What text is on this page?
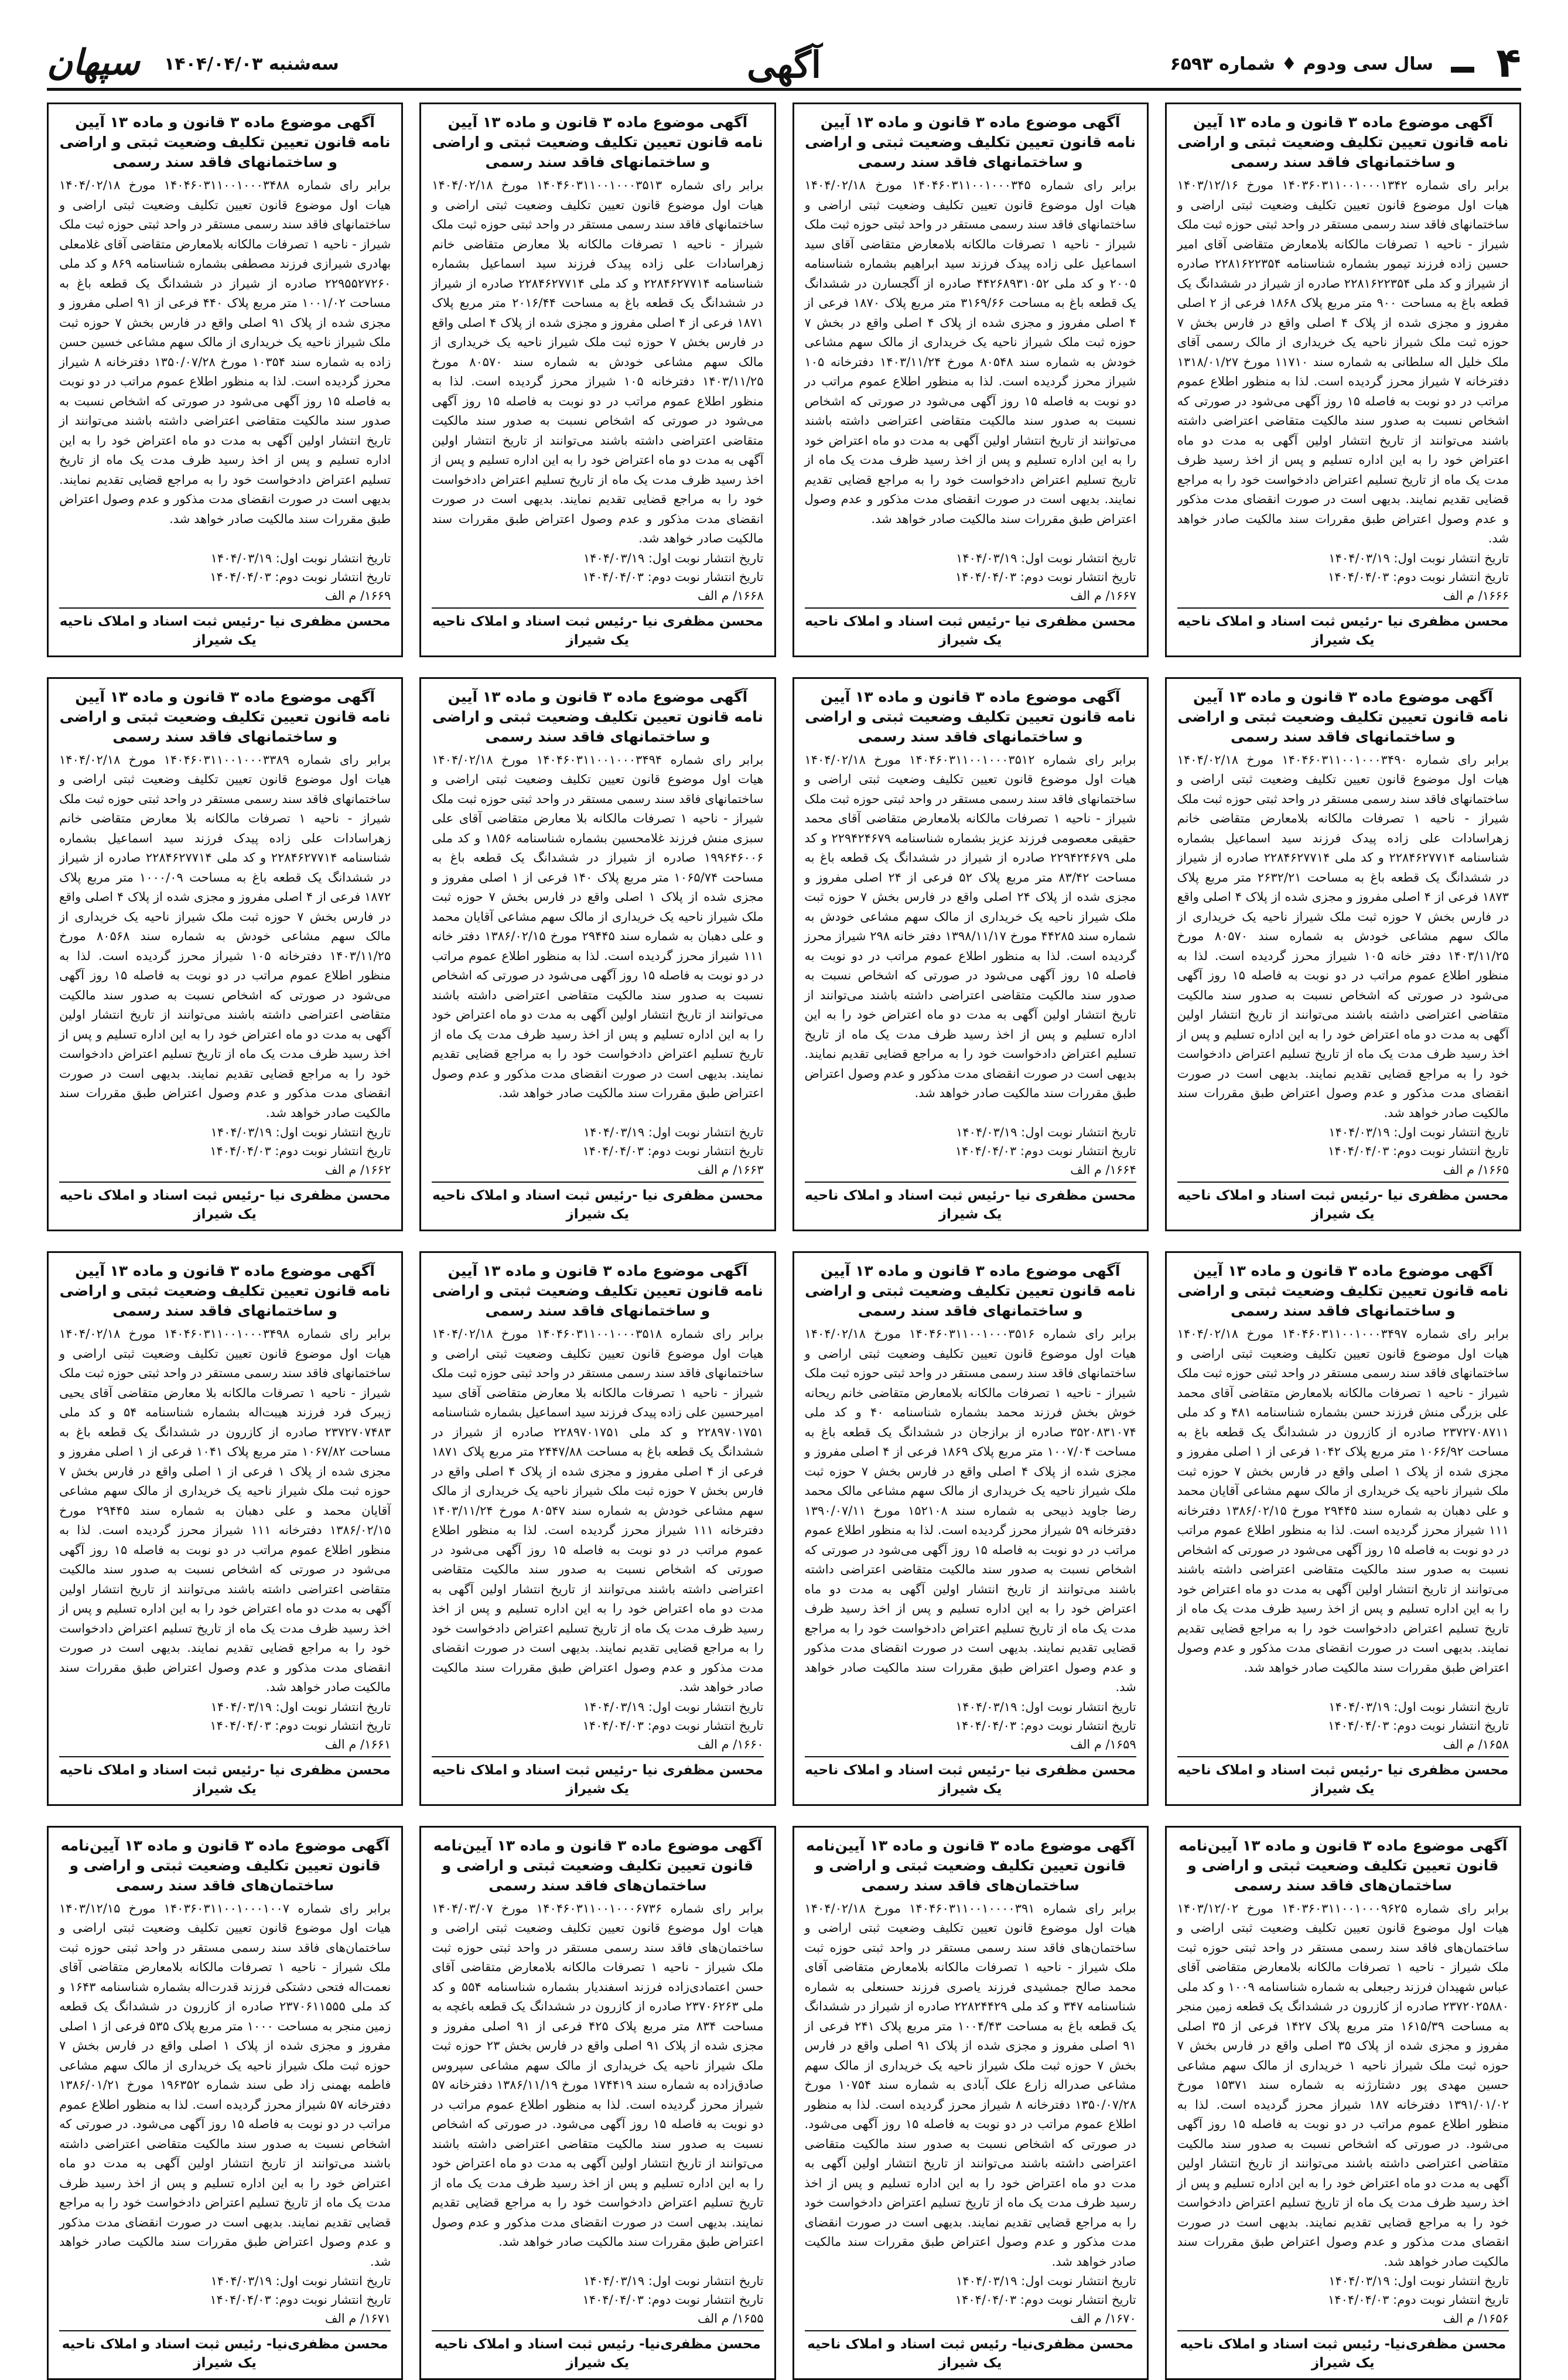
۴
سال سی ودوم ♦ شماره ۶۵۹۳
آگهی
سه‌شنبه ۱۴۰۴/۰۴/۰۳
سپهان
آگهی موضوع ماده ۳ قانون و ماده ۱۳ آیین نامه قانون تعیین تکلیف وضعیت ثبتی و اراضی و ساختمانهای فاقد سند رسمی
برابر رای شماره ۱۴۰۳۶۰۳۱۱۰۰۱۰۰۰۱۳۴۲ مورخ ۱۴۰۳/۱۲/۱۶ هیات اول موضوع قانون تعیین تکلیف وضعیت ثبتی اراضی و ساختمانهای فاقد سند رسمی مستقر در واحد ثبتی حوزه ثبت ملک شیراز - ناحیه ۱ تصرفات مالکانه بلامعارض متقاضی آقای امیر حسین زاده فرزند تیمور بشماره شناسنامه ۲۲۸۱۶۲۲۳۵۴ صادره از شیراز و کد ملی ۲۲۸۱۶۲۲۳۵۴ صادره از شیراز در ششدانگ یک قطعه باغ به مساحت ۹۰۰ متر مربع پلاک ۱۸۶۸ فرعی از ۲ اصلی مفروز و مجزی شده از پلاک ۴ اصلی واقع در فارس بخش ۷ حوزه ثبت ملک شیراز ناحیه یک خریداری از مالک رسمی آقای ملک خلیل اله سلطانی به شماره سند ۱۱۷۱۰ مورخ ۱۳۱۸/۰۱/۲۷ دفترخانه ۷ شیراز محرز گردیده است. لذا به منظور اطلاع عموم مراتب در دو نوبت به فاصله ۱۵ روز آگهی می‌شود در صورتی که اشخاص نسبت به صدور سند مالکیت متقاضی اعتراضی داشته باشند می‌توانند از تاریخ انتشار اولین آگهی به مدت دو ماه اعتراض خود را به این اداره تسلیم و پس از اخذ رسید ظرف مدت یک ماه از تاریخ تسلیم اعتراض دادخواست خود را به مراجع قضایی تقدیم نمایند. بدیهی است در صورت انقضای مدت مذکور و عدم وصول اعتراض طبق مقررات سند مالکیت صادر خواهد شد.
تاریخ انتشار نوبت اول: ۱۴۰۴/۰۳/۱۹
تاریخ انتشار نوبت دوم: ۱۴۰۴/۰۴/۰۳
۱۶۶۶/ م الف
محسن مظفری نیا -رئیس ثبت اسناد و املاک ناحیه یک شیراز
آگهی موضوع ماده ۳ قانون و ماده ۱۳ آیین نامه قانون تعیین تکلیف وضعیت ثبتی و اراضی و ساختمانهای فاقد سند رسمی
برابر رای شماره ۱۴۰۴۶۰۳۱۱۰۰۱۰۰۰۳۴۵ مورخ ۱۴۰۴/۰۲/۱۸ هیات اول موضوع قانون تعیین تکلیف وضعیت ثبتی اراضی و ساختمانهای فاقد سند رسمی مستقر در واحد ثبتی حوزه ثبت ملک شیراز - ناحیه ۱ تصرفات مالکانه بلامعارض متقاضی آقای سید اسماعیل علی زاده پیدک فرزند سید ابراهیم بشماره شناسنامه ۲۰۰۵ و کد ملی ۴۴۲۶۸۹۳۱۰۵۲ صادره از آگجسارن در ششدانگ یک قطعه باغ به مساحت ۳۱۶۹/۶۶ متر مربع پلاک ۱۸۷۰ فرعی از ۴ اصلی مفروز و مجزی شده از پلاک ۴ اصلی واقع در بخش ۷ حوزه ثبت ملک شیراز ناحیه یک خریداری از مالک سهم مشاعی خودش به شماره سند ۸۰۵۴۸ مورخ ۱۴۰۳/۱۱/۲۴ دفترخانه ۱۰۵ شیراز محرز گردیده است. لذا به منظور اطلاع عموم مراتب در دو نوبت به فاصله ۱۵ روز آگهی می‌شود در صورتی که اشخاص نسبت به صدور سند مالکیت متقاضی اعتراضی داشته باشند می‌توانند از تاریخ انتشار اولین آگهی به مدت دو ماه اعتراض خود را به این اداره تسلیم و پس از اخذ رسید ظرف مدت یک ماه از تاریخ تسلیم اعتراض دادخواست خود را به مراجع قضایی تقدیم نمایند. بدیهی است در صورت انقضای مدت مذکور و عدم وصول اعتراض طبق مقررات سند مالکیت صادر خواهد شد.
تاریخ انتشار نوبت اول: ۱۴۰۴/۰۳/۱۹
تاریخ انتشار نوبت دوم: ۱۴۰۴/۰۴/۰۳
۱۶۶۷/ م الف
محسن مظفری نیا -رئیس ثبت اسناد و املاک ناحیه یک شیراز
آگهی موضوع ماده ۳ قانون و ماده ۱۳ آیین نامه قانون تعیین تکلیف وضعیت ثبتی و اراضی و ساختمانهای فاقد سند رسمی
برابر رای شماره ۱۴۰۴۶۰۳۱۱۰۰۱۰۰۰۳۵۱۳ مورخ ۱۴۰۴/۰۲/۱۸ هیات اول موضوع قانون تعیین تکلیف وضعیت ثبتی اراضی و ساختمانهای فاقد سند رسمی مستقر در واحد ثبتی حوزه ثبت ملک شیراز - ناحیه ۱ تصرفات مالکانه بلا معارض متقاضی خانم زهراسادات علی زاده پیدک فرزند سید اسماعیل بشماره شناسنامه ۲۲۸۴۶۲۷۷۱۴ و کد ملی ۲۲۸۴۶۲۷۷۱۴ صادره از شیراز در ششدانگ یک قطعه باغ به مساحت ۲۰۱۶/۴۴ متر مربع پلاک ۱۸۷۱ فرعی از ۴ اصلی مفروز و مجزی شده از پلاک ۴ اصلی واقع در فارس بخش ۷ حوزه ثبت ملک شیراز ناحیه یک خریداری از مالک سهم مشاعی خودش به شماره سند ۸۰۵۷۰ مورخ ۱۴۰۳/۱۱/۲۵ دفترخانه ۱۰۵ شیراز محرز گردیده است. لذا به منظور اطلاع عموم مراتب در دو نوبت به فاصله ۱۵ روز آگهی می‌شود در صورتی که اشخاص نسبت به صدور سند مالکیت متقاضی اعتراضی داشته باشند می‌توانند از تاریخ انتشار اولین آگهی به مدت دو ماه اعتراض خود را به این اداره تسلیم و پس از اخذ رسید ظرف مدت یک ماه از تاریخ تسلیم اعتراض دادخواست خود را به مراجع قضایی تقدیم نمایند. بدیهی است در صورت انقضای مدت مذکور و عدم وصول اعتراض طبق مقررات سند مالکیت صادر خواهد شد.
تاریخ انتشار نوبت اول: ۱۴۰۴/۰۳/۱۹
تاریخ انتشار نوبت دوم: ۱۴۰۴/۰۴/۰۳
۱۶۶۸/ م الف
محسن مظفری نیا -رئیس ثبت اسناد و املاک ناحیه یک شیراز
آگهی موضوع ماده ۳ قانون و ماده ۱۳ آیین نامه قانون تعیین تکلیف وضعیت ثبتی و اراضی و ساختمانهای فاقد سند رسمی
برابر رای شماره ۱۴۰۴۶۰۳۱۱۰۰۱۰۰۰۳۴۸۸ مورخ ۱۴۰۴/۰۲/۱۸ هیات اول موضوع قانون تعیین تکلیف وضعیت ثبتی اراضی و ساختمانهای فاقد سند رسمی مستقر در واحد ثبتی حوزه ثبت ملک شیراز - ناحیه ۱ تصرفات مالکانه بلامعارض متقاضی آقای غلامعلی بهادری شیرازی فرزند مصطفی بشماره شناسنامه ۸۶۹ و کد ملی ۲۲۹۵۵۲۷۲۶۰ صادره از شیراز در ششدانگ یک قطعه باغ به مساحت ۱۰۰۱/۰۲ متر مربع پلاک ۴۴۰ فرعی از ۹۱ اصلی مفروز و مجزی شده از پلاک ۹۱ اصلی واقع در فارس بخش ۷ حوزه ثبت ملک شیراز ناحیه یک خریداری از مالک سهم مشاعی خسین حسن زاده به شماره سند ۱۰۳۵۴ مورخ ۱۳۵۰/۰۷/۲۸ دفترخانه ۸ شیراز محرز گردیده است. لذا به منظور اطلاع عموم مراتب در دو نوبت به فاصله ۱۵ روز آگهی می‌شود در صورتی که اشخاص نسبت به صدور سند مالکیت متقاضی اعتراضی داشته باشند می‌توانند از تاریخ انتشار اولین آگهی به مدت دو ماه اعتراض خود را به این اداره تسلیم و پس از اخذ رسید ظرف مدت یک ماه از تاریخ تسلیم اعتراض دادخواست خود را به مراجع قضایی تقدیم نمایند. بدیهی است در صورت انقضای مدت مذکور و عدم وصول اعتراض طبق مقررات سند مالکیت صادر خواهد شد.
تاریخ انتشار نوبت اول: ۱۴۰۴/۰۳/۱۹
تاریخ انتشار نوبت دوم: ۱۴۰۴/۰۴/۰۳
۱۶۶۹/ م الف
محسن مظفری نیا -رئیس ثبت اسناد و املاک ناحیه یک شیراز
آگهی موضوع ماده ۳ قانون و ماده ۱۳ آیین نامه قانون تعیین تکلیف وضعیت ثبتی و اراضی و ساختمانهای فاقد سند رسمی
برابر رای شماره ۱۴۰۴۶۰۳۱۱۰۰۱۰۰۰۳۴۹۰ مورخ ۱۴۰۴/۰۲/۱۸ هیات اول موضوع قانون تعیین تکلیف وضعیت ثبتی اراضی و ساختمانهای فاقد سند رسمی مستقر در واحد ثبتی حوزه ثبت ملک شیراز - ناحیه ۱ تصرفات مالکانه بلامعارض متقاضی خانم زهراسادات علی زاده پیدک فرزند سید اسماعیل بشماره شناسنامه ۲۲۸۴۶۲۷۷۱۴ و کد ملی ۲۲۸۴۶۲۷۷۱۴ صادره از شیراز در ششدانگ یک قطعه باغ به مساحت ۲۶۳۲/۲۱ متر مربع پلاک ۱۸۷۳ فرعی از ۴ اصلی مفروز و مجزی شده از پلاک ۴ اصلی واقع در فارس بخش ۷ حوزه ثبت ملک شیراز ناحیه یک خریداری از مالک سهم مشاعی خودش به شماره سند ۸۰۵۷۰ مورخ ۱۴۰۳/۱۱/۲۵ دفتر خانه ۱۰۵ شیراز محرز گردیده است. لذا به منظور اطلاع عموم مراتب در دو نوبت به فاصله ۱۵ روز آگهی می‌شود در صورتی که اشخاص نسبت به صدور سند مالکیت متقاضی اعتراضی داشته باشند می‌توانند از تاریخ انتشار اولین آگهی به مدت دو ماه اعتراض خود را به این اداره تسلیم و پس از اخذ رسید ظرف مدت یک ماه از تاریخ تسلیم اعتراض دادخواست خود را به مراجع قضایی تقدیم نمایند. بدیهی است در صورت انقضای مدت مذکور و عدم وصول اعتراض طبق مقررات سند مالکیت صادر خواهد شد.
تاریخ انتشار نوبت اول: ۱۴۰۴/۰۳/۱۹
تاریخ انتشار نوبت دوم: ۱۴۰۴/۰۴/۰۳
۱۶۶۵/ م الف
محسن مظفری نیا -رئیس ثبت اسناد و املاک ناحیه یک شیراز
آگهی موضوع ماده ۳ قانون و ماده ۱۳ آیین نامه قانون تعیین تکلیف وضعیت ثبتی و اراضی و ساختمانهای فاقد سند رسمی
برابر رای شماره ۱۴۰۴۶۰۳۱۱۰۰۱۰۰۰۳۵۱۲ مورخ ۱۴۰۴/۰۲/۱۸ هیات اول موضوع قانون تعیین تکلیف وضعیت ثبتی اراضی و ساختمانهای فاقد سند رسمی مستقر در واحد ثبتی حوزه ثبت ملک شیراز - ناحیه ۱ تصرفات مالکانه بلامعارض متقاضی آقای محمد حقیقی معصومی فرزند عزیز بشماره شناسنامه ۲۲۹۴۲۴۶۷۹ و کد ملی ۲۲۹۴۲۴۶۷۹ صادره از شیراز در ششدانگ یک قطعه باغ به مساحت ۸۳/۴۲ متر مربع پلاک ۵۲ فرعی از ۲۴ اصلی مفروز و مجزی شده از پلاک ۲۴ اصلی واقع در فارس بخش ۷ حوزه ثبت ملک شیراز ناحیه یک خریداری از مالک سهم مشاعی خودش به شماره سند ۴۴۲۸۵ مورخ ۱۳۹۸/۱۱/۱۷ دفتر خانه ۲۹۸ شیراز محرز گردیده است. لذا به منظور اطلاع عموم مراتب در دو نوبت به فاصله ۱۵ روز آگهی می‌شود در صورتی که اشخاص نسبت به صدور سند مالکیت متقاضی اعتراضی داشته باشند می‌توانند از تاریخ انتشار اولین آگهی به مدت دو ماه اعتراض خود را به این اداره تسلیم و پس از اخذ رسید ظرف مدت یک ماه از تاریخ تسلیم اعتراض دادخواست خود را به مراجع قضایی تقدیم نمایند. بدیهی است در صورت انقضای مدت مذکور و عدم وصول اعتراض طبق مقررات سند مالکیت صادر خواهد شد.
تاریخ انتشار نوبت اول: ۱۴۰۴/۰۳/۱۹
تاریخ انتشار نوبت دوم: ۱۴۰۴/۰۴/۰۳
۱۶۶۴/ م الف
محسن مظفری نیا -رئیس ثبت اسناد و املاک ناحیه یک شیراز
آگهی موضوع ماده ۳ قانون و ماده ۱۳ آیین نامه قانون تعیین تکلیف وضعیت ثبتی و اراضی و ساختمانهای فاقد سند رسمی
برابر رای شماره ۱۴۰۴۶۰۳۱۱۰۰۱۰۰۰۳۴۹۴ مورخ ۱۴۰۴/۰۲/۱۸ هیات اول موضوع قانون تعیین تکلیف وضعیت ثبتی اراضی و ساختمانهای فاقد سند رسمی مستقر در واحد ثبتی حوزه ثبت ملک شیراز - ناحیه ۱ تصرفات مالکانه بلا معارض متقاضی آقای علی سبزی منش فرزند غلامحسین بشماره شناسنامه ۱۸۵۶ و کد ملی ۱۹۹۶۴۶۰۰۶ صادره از شیراز در ششدانگ یک قطعه باغ به مساحت ۱۰۶۵/۷۴ متر مربع پلاک ۱۴۰ فرعی از ۱ اصلی مفروز و مجزی شده از پلاک ۱ اصلی واقع در فارس بخش ۷ حوزه ثبت ملک شیراز ناحیه یک خریداری از مالک سهم مشاعی آقایان محمد و علی دهبان به شماره سند ۲۹۴۴۵ مورخ ۱۳۸۶/۰۲/۱۵ دفتر خانه ۱۱۱ شیراز محرز گردیده است. لذا به منظور اطلاع عموم مراتب در دو نوبت به فاصله ۱۵ روز آگهی می‌شود در صورتی که اشخاص نسبت به صدور سند مالکیت متقاضی اعتراضی داشته باشند می‌توانند از تاریخ انتشار اولین آگهی به مدت دو ماه اعتراض خود را به این اداره تسلیم و پس از اخذ رسید ظرف مدت یک ماه از تاریخ تسلیم اعتراض دادخواست خود را به مراجع قضایی تقدیم نمایند. بدیهی است در صورت انقضای مدت مذکور و عدم وصول اعتراض طبق مقررات سند مالکیت صادر خواهد شد.
تاریخ انتشار نوبت اول: ۱۴۰۴/۰۳/۱۹
تاریخ انتشار نوبت دوم: ۱۴۰۴/۰۴/۰۳
۱۶۶۳/ م الف
محسن مظفری نیا -رئیس ثبت اسناد و املاک ناحیه یک شیراز
آگهی موضوع ماده ۳ قانون و ماده ۱۳ آیین نامه قانون تعیین تکلیف وضعیت ثبتی و اراضی و ساختمانهای فاقد سند رسمی
برابر رای شماره ۱۴۰۴۶۰۳۱۱۰۰۱۰۰۰۳۳۸۹ مورخ ۱۴۰۴/۰۲/۱۸ هیات اول موضوع قانون تعیین تکلیف وضعیت ثبتی اراضی و ساختمانهای فاقد سند رسمی مستقر در واحد ثبتی حوزه ثبت ملک شیراز - ناحیه ۱ تصرفات مالکانه بلا معارض متقاضی خانم زهراسادات علی زاده پیدک فرزند سید اسماعیل بشماره شناسنامه ۲۲۸۴۶۲۷۷۱۴ و کد ملی ۲۲۸۴۶۲۷۷۱۴ صادره از شیراز در ششدانگ یک قطعه باغ به مساحت ۱۰۰۰/۰۹ متر مربع پلاک ۱۸۷۲ فرعی از ۴ اصلی مفروز و مجزی شده از پلاک ۴ اصلی واقع در فارس بخش ۷ حوزه ثبت ملک شیراز ناحیه یک خریداری از مالک سهم مشاعی خودش به شماره سند ۸۰۵۶۸ مورخ ۱۴۰۳/۱۱/۲۵ دفترخانه ۱۰۵ شیراز محرز گردیده است. لذا به منظور اطلاع عموم مراتب در دو نوبت به فاصله ۱۵ روز آگهی می‌شود در صورتی که اشخاص نسبت به صدور سند مالکیت متقاضی اعتراضی داشته باشند می‌توانند از تاریخ انتشار اولین آگهی به مدت دو ماه اعتراض خود را به این اداره تسلیم و پس از اخذ رسید ظرف مدت یک ماه از تاریخ تسلیم اعتراض دادخواست خود را به مراجع قضایی تقدیم نمایند. بدیهی است در صورت انقضای مدت مذکور و عدم وصول اعتراض طبق مقررات سند مالکیت صادر خواهد شد.
تاریخ انتشار نوبت اول: ۱۴۰۴/۰۳/۱۹
تاریخ انتشار نوبت دوم: ۱۴۰۴/۰۴/۰۳
۱۶۶۲/ م الف
محسن مظفری نیا -رئیس ثبت اسناد و املاک ناحیه یک شیراز
آگهی موضوع ماده ۳ قانون و ماده ۱۳ آیین نامه قانون تعیین تکلیف وضعیت ثبتی و اراضی و ساختمانهای فاقد سند رسمی
برابر رای شماره ۱۴۰۴۶۰۳۱۱۰۰۱۰۰۰۳۴۹۷ مورخ ۱۴۰۴/۰۲/۱۸ هیات اول موضوع قانون تعیین تکلیف وضعیت ثبتی اراضی و ساختمانهای فاقد سند رسمی مستقر در واحد ثبتی حوزه ثبت ملک شیراز - ناحیه ۱ تصرفات مالکانه بلامعارض متقاضی آقای محمد علی بزرگی منش فرزند حسن بشماره شناسنامه ۴۸۱ و کد ملی ۲۳۷۲۷۰۸۷۱۱ صادره از کازرون در ششدانگ یک قطعه باغ به مساحت ۱۰۶۶/۹۲ متر مربع پلاک ۱۰۴۲ فرعی از ۱ اصلی مفروز و مجزی شده از پلاک ۱ اصلی واقع در فارس بخش ۷ حوزه ثبت ملک شیراز ناحیه یک خریداری از مالک سهم مشاعی آقایان محمد و علی دهبان به شماره سند ۲۹۴۴۵ مورخ ۱۳۸۶/۰۲/۱۵ دفترخانه ۱۱۱ شیراز محرز گردیده است. لذا به منظور اطلاع عموم مراتب در دو نوبت به فاصله ۱۵ روز آگهی می‌شود در صورتی که اشخاص نسبت به صدور سند مالکیت متقاضی اعتراضی داشته باشند می‌توانند از تاریخ انتشار اولین آگهی به مدت دو ماه اعتراض خود را به این اداره تسلیم و پس از اخذ رسید ظرف مدت یک ماه از تاریخ تسلیم اعتراض دادخواست خود را به مراجع قضایی تقدیم نمایند. بدیهی است در صورت انقضای مدت مذکور و عدم وصول اعتراض طبق مقررات سند مالکیت صادر خواهد شد.
تاریخ انتشار نوبت اول: ۱۴۰۴/۰۳/۱۹
تاریخ انتشار نوبت دوم: ۱۴۰۴/۰۴/۰۳
۱۶۵۸/ م الف
محسن مظفری نیا -رئیس ثبت اسناد و املاک ناحیه یک شیراز
آگهی موضوع ماده ۳ قانون و ماده ۱۳ آیین نامه قانون تعیین تکلیف وضعیت ثبتی و اراضی و ساختمانهای فاقد سند رسمی
برابر رای شماره ۱۴۰۴۶۰۳۱۱۰۰۱۰۰۰۳۵۱۶ مورخ ۱۴۰۴/۰۲/۱۸ هیات اول موضوع قانون تعیین تکلیف وضعیت ثبتی اراضی و ساختمانهای فاقد سند رسمی مستقر در واحد ثبتی حوزه ثبت ملک شیراز - ناحیه ۱ تصرفات مالکانه بلامعارض متقاضی خانم ریحانه خوش بخش فرزند محمد بشماره شناسنامه ۴۰ و کد ملی ۳۵۲۰۸۳۱۰۷۴ صادره از برازجان در ششدانگ یک قطعه باغ به مساحت ۱۰۰۷/۰۴ متر مربع پلاک ۱۸۶۹ فرعی از ۴ اصلی مفروز و مجزی شده از پلاک ۴ اصلی واقع در فارس بخش ۷ حوزه ثبت ملک شیراز ناحیه یک خریداری از مالک سهم مشاعی مالک محمد رضا جاوید ذبیحی به شماره سند ۱۵۲۱۰۸ مورخ ۱۳۹۰/۰۷/۱۱ دفترخانه ۵۹ شیراز محرز گردیده است. لذا به منظور اطلاع عموم مراتب در دو نوبت به فاصله ۱۵ روز آگهی می‌شود در صورتی که اشخاص نسبت به صدور سند مالکیت متقاضی اعتراضی داشته باشند می‌توانند از تاریخ انتشار اولین آگهی به مدت دو ماه اعتراض خود را به این اداره تسلیم و پس از اخذ رسید ظرف مدت یک ماه از تاریخ تسلیم اعتراض دادخواست خود را به مراجع قضایی تقدیم نمایند. بدیهی است در صورت انقضای مدت مذکور و عدم وصول اعتراض طبق مقررات سند مالکیت صادر خواهد شد.
تاریخ انتشار نوبت اول: ۱۴۰۴/۰۳/۱۹
تاریخ انتشار نوبت دوم: ۱۴۰۴/۰۴/۰۳
۱۶۵۹/ م الف
محسن مظفری نیا -رئیس ثبت اسناد و املاک ناحیه یک شیراز
آگهی موضوع ماده ۳ قانون و ماده ۱۳ آیین نامه قانون تعیین تکلیف وضعیت ثبتی و اراضی و ساختمانهای فاقد سند رسمی
برابر رای شماره ۱۴۰۴۶۰۳۱۱۰۰۱۰۰۰۳۵۱۸ مورخ ۱۴۰۴/۰۲/۱۸ هیات اول موضوع قانون تعیین تکلیف وضعیت ثبتی اراضی و ساختمانهای فاقد سند رسمی مستقر در واحد ثبتی حوزه ثبت ملک شیراز - ناحیه ۱ تصرفات مالکانه بلا معارض متقاضی آقای سید امیرحسین علی زاده پیدک فرزند سید اسماعیل بشماره شناسنامه ۲۲۸۹۷۰۱۷۵۱ و کد ملی ۲۲۸۹۷۰۱۷۵۱ صادره از شیراز در ششدانگ یک قطعه باغ به مساحت ۲۴۴۷/۸۸ متر مربع پلاک ۱۸۷۱ فرعی از ۴ اصلی مفروز و مجزی شده از پلاک ۴ اصلی واقع در فارس بخش ۷ حوزه ثبت ملک شیراز ناحیه یک خریداری از مالک سهم مشاعی خودش به شماره سند ۸۰۵۴۷ مورخ ۱۴۰۳/۱۱/۲۴ دفترخانه ۱۱۱ شیراز محرز گردیده است. لذا به منظور اطلاع عموم مراتب در دو نوبت به فاصله ۱۵ روز آگهی می‌شود در صورتی که اشخاص نسبت به صدور سند مالکیت متقاضی اعتراضی داشته باشند می‌توانند از تاریخ انتشار اولین آگهی به مدت دو ماه اعتراض خود را به این اداره تسلیم و پس از اخذ رسید ظرف مدت یک ماه از تاریخ تسلیم اعتراض دادخواست خود را به مراجع قضایی تقدیم نمایند. بدیهی است در صورت انقضای مدت مذکور و عدم وصول اعتراض طبق مقررات سند مالکیت صادر خواهد شد.
تاریخ انتشار نوبت اول: ۱۴۰۴/۰۳/۱۹
تاریخ انتشار نوبت دوم: ۱۴۰۴/۰۴/۰۳
۱۶۶۰/ م الف
محسن مظفری نیا -رئیس ثبت اسناد و املاک ناحیه یک شیراز
آگهی موضوع ماده ۳ قانون و ماده ۱۳ آیین نامه قانون تعیین تکلیف وضعیت ثبتی و اراضی و ساختمانهای فاقد سند رسمی
برابر رای شماره ۱۴۰۴۶۰۳۱۱۰۰۱۰۰۰۳۴۹۸ مورخ ۱۴۰۴/۰۲/۱۸ هیات اول موضوع قانون تعیین تکلیف وضعیت ثبتی اراضی و ساختمانهای فاقد سند رسمی مستقر در واحد ثبتی حوزه ثبت ملک شیراز - ناحیه ۱ تصرفات مالکانه بلا معارض متقاضی آقای یحیی زیبرک فرد فرزند هیبت‌اله بشماره شناسنامه ۵۴ و کد ملی ۲۳۷۲۷۰۷۴۸۳ صادره از کازرون در ششدانگ یک قطعه باغ به مساحت ۱۰۶۷/۸۲ متر مربع پلاک ۱۰۴۱ فرعی از ۱ اصلی مفروز و مجزی شده از پلاک ۱ فرعی از ۱ اصلی واقع در فارس بخش ۷ حوزه ثبت ملک شیراز ناحیه یک خریداری از مالک سهم مشاعی آقایان محمد و علی دهبان به شماره سند ۲۹۴۴۵ مورخ ۱۳۸۶/۰۲/۱۵ دفترخانه ۱۱۱ شیراز محرز گردیده است. لذا به منظور اطلاع عموم مراتب در دو نوبت به فاصله ۱۵ روز آگهی می‌شود در صورتی که اشخاص نسبت به صدور سند مالکیت متقاضی اعتراضی داشته باشند می‌توانند از تاریخ انتشار اولین آگهی به مدت دو ماه اعتراض خود را به این اداره تسلیم و پس از اخذ رسید ظرف مدت یک ماه از تاریخ تسلیم اعتراض دادخواست خود را به مراجع قضایی تقدیم نمایند. بدیهی است در صورت انقضای مدت مذکور و عدم وصول اعتراض طبق مقررات سند مالکیت صادر خواهد شد.
تاریخ انتشار نوبت اول: ۱۴۰۴/۰۳/۱۹
تاریخ انتشار نوبت دوم: ۱۴۰۴/۰۴/۰۳
۱۶۶۱/ م الف
محسن مظفری نیا -رئیس ثبت اسناد و املاک ناحیه یک شیراز
آگهی موضوع ماده ۳ قانون و ماده ۱۳ آیین‌نامه قانون تعیین تکلیف وضعیت ثبتی و اراضی و ساختمان‌های فاقد سند رسمی
برابر رای شماره ۱۴۰۳۶۰۳۱۱۰۰۱۰۰۰۹۶۲۵ مورخ ۱۴۰۳/۱۲/۰۲ هیات اول موضوع قانون تعیین تکلیف وضعیت ثبتی اراضی و ساختمان‌های فاقد سند رسمی مستقر در واحد ثبتی حوزه ثبت ملک شیراز - ناحیه ۱ تصرفات مالکانه بلامعارض متقاضی آقای عباس شهیدان فرزند رجبعلی به شماره شناسنامه ۱۰۰۹ و کد ملی ۲۳۷۲۰۲۵۸۸۰ صادره از کازرون در ششدانگ یک قطعه زمین منجر به مساحت ۱۶۱۵/۳۹ متر مربع پلاک ۱۴۲۷ فرعی از ۳۵ اصلی مفروز و مجزی شده از پلاک ۳۵ اصلی واقع در فارس بخش ۷ حوزه ثبت ملک شیراز ناحیه ۱ خریداری از مالک سهم مشاعی حسین مهدی پور دشتارژنه به شماره سند ۱۵۳۷۱ مورخ ۱۳۹۱/۰۱/۰۲ دفترخانه ۱۸۷ شیراز محرز گردیده است. لذا به منظور اطلاع عموم مراتب در دو نوبت به فاصله ۱۵ روز آگهی می‌شود. در صورتی که اشخاص نسبت به صدور سند مالکیت متقاضی اعتراضی داشته باشند می‌توانند از تاریخ انتشار اولین آگهی به مدت دو ماه اعتراض خود را به این اداره تسلیم و پس از اخذ رسید ظرف مدت یک ماه از تاریخ تسلیم اعتراض دادخواست خود را به مراجع قضایی تقدیم نمایند. بدیهی است در صورت انقضای مدت مذکور و عدم وصول اعتراض طبق مقررات سند مالکیت صادر خواهد شد.
تاریخ انتشار نوبت اول: ۱۴۰۴/۰۳/۱۹
تاریخ انتشار نوبت دوم: ۱۴۰۴/۰۴/۰۳
۱۶۵۶/ م الف
محسن مظفری‌نیا- رئیس ثبت اسناد و املاک ناحیه یک شیراز
آگهی موضوع ماده ۳ قانون و ماده ۱۳ آیین‌نامه قانون تعیین تکلیف وضعیت ثبتی و اراضی و ساختمان‌های فاقد سند رسمی
برابر رای شماره ۱۴۰۴۶۰۳۱۱۰۰۱۰۰۰۰۳۹۱ مورخ ۱۴۰۴/۰۲/۱۸ هیات اول موضوع قانون تعیین تکلیف وضعیت ثبتی اراضی و ساختمان‌های فاقد سند رسمی مستقر در واحد ثبتی حوزه ثبت ملک شیراز - ناحیه ۱ تصرفات مالکانه بلامعارض متقاضی آقای محمد صالح جمشیدی فرزند یاصری فرزند حسنعلی به شماره شناسنامه ۳۴۷ و کد ملی ۲۲۸۲۴۴۲۹ صادره از شیراز در ششدانگ یک قطعه باغ به مساحت ۱۰۰۴/۴۳ متر مربع پلاک ۲۴۱ فرعی از ۹۱ اصلی مفروز و مجزی شده از پلاک ۹۱ اصلی واقع در فارس بخش ۷ حوزه ثبت ملک شیراز ناحیه یک خریداری از مالک سهم مشاعی صدراله زارع علک آبادی به شماره سند ۱۰۷۵۴ مورخ ۱۳۵۰/۰۷/۲۸ دفترخانه ۸ شیراز محرز گردیده است. لذا به منظور اطلاع عموم مراتب در دو نوبت به فاصله ۱۵ روز آگهی می‌شود. در صورتی که اشخاص نسبت به صدور سند مالکیت متقاضی اعتراضی داشته باشند می‌توانند از تاریخ انتشار اولین آگهی به مدت دو ماه اعتراض خود را به این اداره تسلیم و پس از اخذ رسید ظرف مدت یک ماه از تاریخ تسلیم اعتراض دادخواست خود را به مراجع قضایی تقدیم نمایند. بدیهی است در صورت انقضای مدت مذکور و عدم وصول اعتراض طبق مقررات سند مالکیت صادر خواهد شد.
تاریخ انتشار نوبت اول: ۱۴۰۴/۰۳/۱۹
تاریخ انتشار نوبت دوم: ۱۴۰۴/۰۴/۰۳
۱۶۷۰/ م الف
محسن مظفری‌نیا- رئیس ثبت اسناد و املاک ناحیه یک شیراز
آگهی موضوع ماده ۳ قانون و ماده ۱۳ آیین‌نامه قانون تعیین تکلیف وضعیت ثبتی و اراضی و ساختمان‌های فاقد سند رسمی
برابر رای شماره ۱۴۰۴۶۰۳۱۱۰۰۱۰۰۰۶۷۳۶ مورخ ۱۴۰۴/۰۳/۰۷ هیات اول موضوع قانون تعیین تکلیف وضعیت ثبتی اراضی و ساختمان‌های فاقد سند رسمی مستقر در واحد ثبتی حوزه ثبت ملک شیراز - ناحیه ۱ تصرفات مالکانه بلامعارض متقاضی آقای حسن اعتمادی‌زاده فرزند اسفندیار بشماره شناسنامه ۵۵۴ و کد ملی ۲۳۷۰۶۲۶۳ صادره از کازرون در ششدانگ یک قطعه باغچه به مساحت ۸۳۴ متر مربع پلاک ۴۲۵ فرعی از ۹۱ اصلی مفروز و مجزی شده از پلاک ۹۱ اصلی واقع در فارس بخش ۲۳ حوزه ثبت ملک شیراز ناحیه یک خریداری از مالک سهم مشاعی سپروس صادق‌زاده به شماره سند ۱۷۴۴۱۹ مورخ ۱۳۸۶/۱۱/۱۹ دفترخانه ۵۷ شیراز محرز گردیده است. لذا به منظور اطلاع عموم مراتب در دو نوبت به فاصله ۱۵ روز آگهی می‌شود. در صورتی که اشخاص نسبت به صدور سند مالکیت متقاضی اعتراضی داشته باشند می‌توانند از تاریخ انتشار اولین آگهی به مدت دو ماه اعتراض خود را به این اداره تسلیم و پس از اخذ رسید ظرف مدت یک ماه از تاریخ تسلیم اعتراض دادخواست خود را به مراجع قضایی تقدیم نمایند. بدیهی است در صورت انقضای مدت مذکور و عدم وصول اعتراض طبق مقررات سند مالکیت صادر خواهد شد.
تاریخ انتشار نوبت اول: ۱۴۰۴/۰۳/۱۹
تاریخ انتشار نوبت دوم: ۱۴۰۴/۰۴/۰۳
۱۶۵۵/ م الف
محسن مظفری‌نیا- رئیس ثبت اسناد و املاک ناحیه یک شیراز
آگهی موضوع ماده ۳ قانون و ماده ۱۳ آیین‌نامه قانون تعیین تکلیف وضعیت ثبتی و اراضی و ساختمان‌های فاقد سند رسمی
برابر رای شماره ۱۴۰۳۶۰۳۱۱۰۰۱۰۰۰۱۰۰۷ مورخ ۱۴۰۳/۱۲/۱۵ هیات اول موضوع قانون تعیین تکلیف وضعیت ثبتی اراضی و ساختمان‌های فاقد سند رسمی مستقر در واحد ثبتی حوزه ثبت ملک شیراز - ناحیه ۱ تصرفات مالکانه بلامعارض متقاضی آقای نعمت‌اله فتحی دشتکی فرزند قدرت‌اله بشماره شناسنامه ۱۶۴۳ و کد ملی ۲۳۷۰۶۱۱۵۵۵ صادره از کازرون در ششدانگ یک قطعه زمین منجر به مساحت ۱۰۰۰ متر مربع پلاک ۵۳۵ فرعی از ۱ اصلی مفروز و مجزی شده از پلاک ۱ اصلی واقع در فارس بخش ۷ حوزه ثبت ملک شیراز ناحیه یک خریداری از مالک سهم مشاعی فاطمه بهمنی زاد طی سند شماره ۱۹۶۳۵۲ مورخ ۱۳۸۶/۰۱/۲۱ دفترخانه ۵۷ شیراز محرز گردیده است. لذا به منظور اطلاع عموم مراتب در دو نوبت به فاصله ۱۵ روز آگهی می‌شود. در صورتی که اشخاص نسبت به صدور سند مالکیت متقاضی اعتراضی داشته باشند می‌توانند از تاریخ انتشار اولین آگهی به مدت دو ماه اعتراض خود را به این اداره تسلیم و پس از اخذ رسید ظرف مدت یک ماه از تاریخ تسلیم اعتراض دادخواست خود را به مراجع قضایی تقدیم نمایند. بدیهی است در صورت انقضای مدت مذکور و عدم وصول اعتراض طبق مقررات سند مالکیت صادر خواهد شد.
تاریخ انتشار نوبت اول: ۱۴۰۴/۰۳/۱۹
تاریخ انتشار نوبت دوم: ۱۴۰۴/۰۴/۰۳
۱۶۷۱/ م الف
محسن مظفری‌نیا- رئیس ثبت اسناد و املاک ناحیه یک شیراز
